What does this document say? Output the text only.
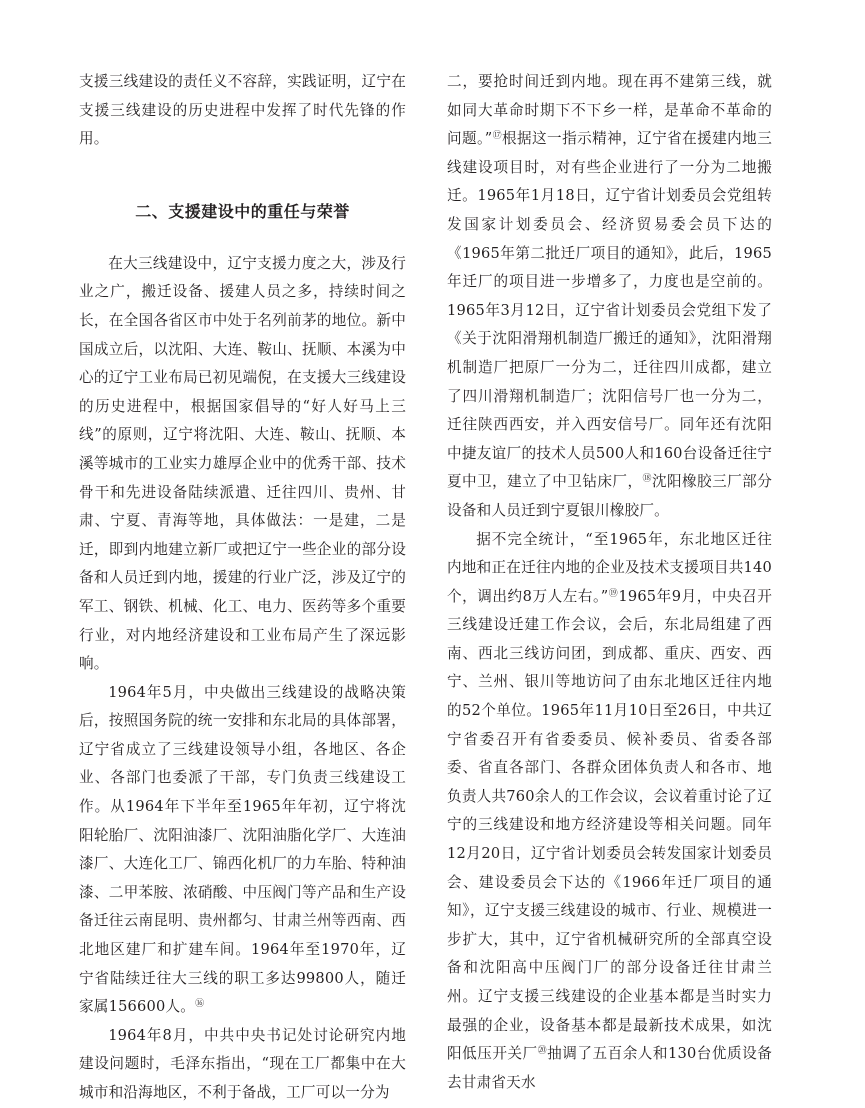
支援三线建设的责任义不容辞，实践证明，辽宁在支援三线建设的历史进程中发挥了时代先锋的作用。

二、支援建设中的重任与荣誉

在大三线建设中，辽宁支援力度之大，涉及行业之广，搬迁设备、援建人员之多，持续时间之长，在全国各省区市中处于名列前茅的地位。新中国成立后，以沈阳、大连、鞍山、抚顺、本溪为中心的辽宁工业布局已初见端倪，在支援大三线建设的历史进程中，根据国家倡导的“好人好马上三线”的原则，辽宁将沈阳、大连、鞍山、抚顺、本溪等城市的工业实力雄厚企业中的优秀干部、技术骨干和先进设备陆续派遣、迁往四川、贵州、甘肃、宁夏、青海等地，具体做法：一是建，二是迁，即到内地建立新厂或把辽宁一些企业的部分设备和人员迁到内地，援建的行业广泛，涉及辽宁的军工、钢铁、机械、化工、电力、医药等多个重要行业，对内地经济建设和工业布局产生了深远影响。

1964年5月，中央做出三线建设的战略决策后，按照国务院的统一安排和东北局的具体部署，辽宁省成立了三线建设领导小组，各地区、各企业、各部门也委派了干部，专门负责三线建设工作。从1964年下半年至1965年年初，辽宁将沈阳轮胎厂、沈阳油漆厂、沈阳油脂化学厂、大连油漆厂、大连化工厂、锦西化机厂的力车胎、特种油漆、二甲苯胺、浓硝酸、中压阀门等产品和生产设备迁往云南昆明、贵州都匀、甘肃兰州等西南、西北地区建厂和扩建车间。1964年至1970年，辽宁省陆续迁往大三线的职工多达99800人，随迁家属156600人。⑯

1964年8月，中共中央书记处讨论研究内地建设问题时，毛泽东指出，“现在工厂都集中在大城市和沿海地区，不利于备战，工厂可以一分为

二，要抢时间迁到内地。现在再不建第三线，就如同大革命时期下不下乡一样，是革命不革命的问题。”⑰根据这一指示精神，辽宁省在援建内地三线建设项目时，对有些企业进行了一分为二地搬迁。1965年1月18日，辽宁省计划委员会党组转发国家计划委员会、经济贸易委会员下达的《1965年第二批迁厂项目的通知》，此后，1965年迁厂的项目进一步增多了，力度也是空前的。1965年3月12日，辽宁省计划委员会党组下发了《关于沈阳滑翔机制造厂搬迁的通知》，沈阳滑翔机制造厂把原厂一分为二，迁往四川成都，建立了四川滑翔机制造厂；沈阳信号厂也一分为二，迁往陕西西安，并入西安信号厂。同年还有沈阳中捷友谊厂的技术人员500人和160台设备迁往宁夏中卫，建立了中卫钻床厂，⑱沈阳橡胶三厂部分设备和人员迁到宁夏银川橡胶厂。

据不完全统计，“至1965年，东北地区迁往内地和正在迁往内地的企业及技术支援项目共140个，调出约8万人左右。”⑲1965年9月，中央召开三线建设迁建工作会议，会后，东北局组建了西南、西北三线访问团，到成都、重庆、西安、西宁、兰州、银川等地访问了由东北地区迁往内地的52个单位。1965年11月10日至26日，中共辽宁省委召开有省委委员、候补委员、省委各部委、省直各部门、各群众团体负责人和各市、地负责人共760余人的工作会议，会议着重讨论了辽宁的三线建设和地方经济建设等相关问题。同年12月20日，辽宁省计划委员会转发国家计划委员会、建设委员会下达的《1966年迁厂项目的通知》，辽宁支援三线建设的城市、行业、规模进一步扩大，其中，辽宁省机械研究所的全部真空设备和沈阳高中压阀门厂的部分设备迁往甘肃兰州。辽宁支援三线建设的企业基本都是当时实力最强的企业，设备基本都是最新技术成果，如沈阳低压开关厂⑳抽调了五百余人和130台优质设备去甘肃省天水
